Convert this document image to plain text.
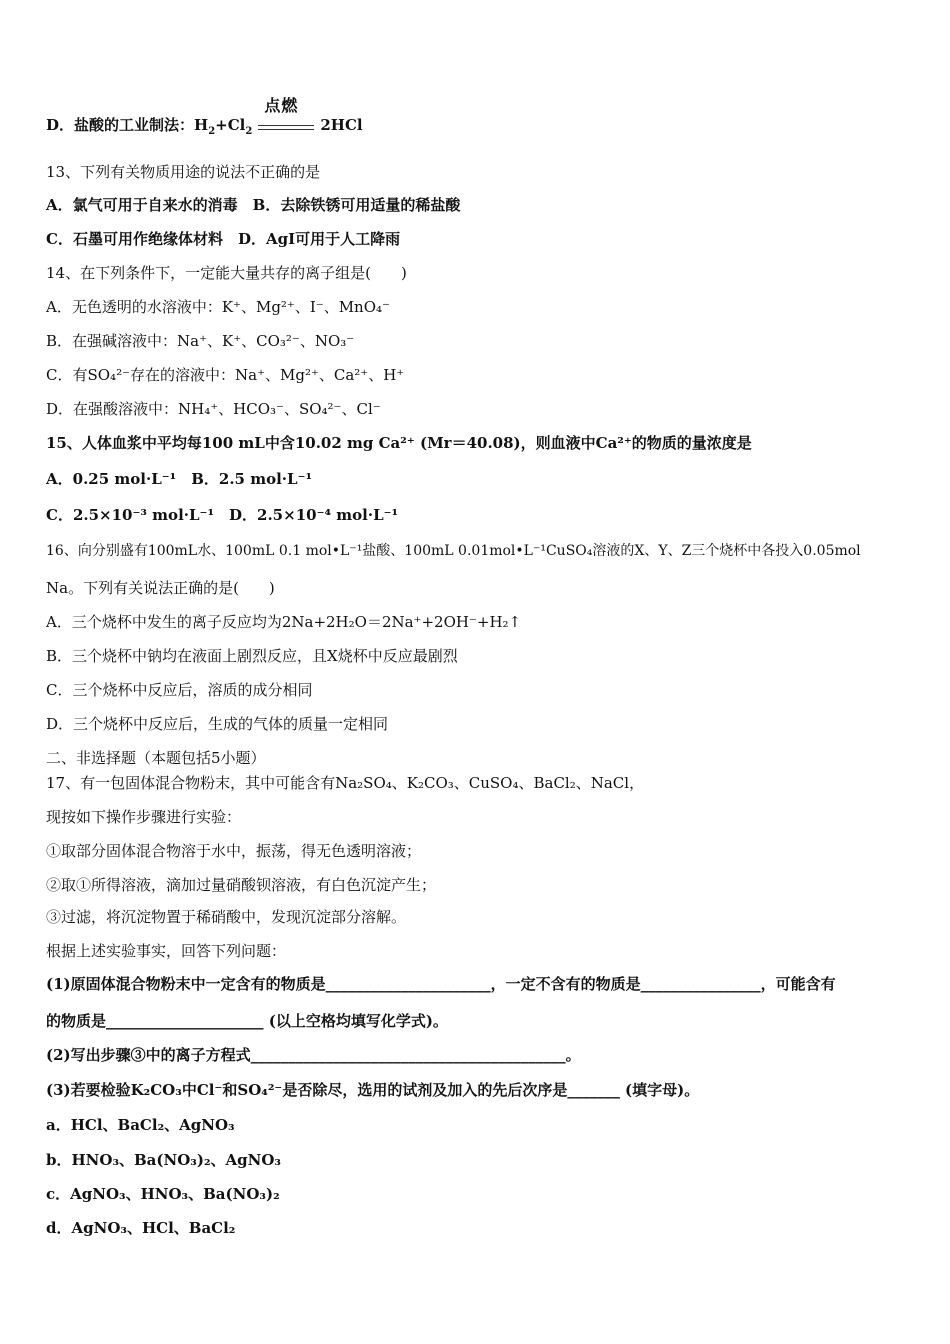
D．盐酸的工业制法：$H_2+Cl_2$
点燃
2HCl
13、下列有关物质用途的说法不正确的是
A．氯气可用于自来水的消毒　B．去除铁锈可用适量的稀盐酸
C．石墨可用作绝缘体材料　D．AgI可用于人工降雨
14、在下列条件下，一定能大量共存的离子组是(　　)
A．无色透明的水溶液中：K⁺、Mg²⁺、I⁻、MnO₄⁻
B．在强碱溶液中：Na⁺、K⁺、CO₃²⁻、NO₃⁻
C．有SO₄²⁻存在的溶液中：Na⁺、Mg²⁺、Ca²⁺、H⁺
D．在强酸溶液中：NH₄⁺、HCO₃⁻、SO₄²⁻、Cl⁻
15、人体血浆中平均每100 mL中含10.02 mg Ca²⁺ (Mr＝40.08)，则血液中Ca²⁺的物质的量浓度是
A．0.25 mol·L⁻¹　B．2.5 mol·L⁻¹
C．2.5×10⁻³ mol·L⁻¹　D．2.5×10⁻⁴ mol·L⁻¹
16、向分别盛有100mL水、100mL 0.1 mol•L⁻¹盐酸、100mL 0.01mol•L⁻¹CuSO₄溶液的X、Y、Z三个烧杯中各投入0.05mol
Na。下列有关说法正确的是(　　)
A．三个烧杯中发生的离子反应均为2Na+2H₂O＝2Na⁺+2OH⁻+H₂↑
B．三个烧杯中钠均在液面上剧烈反应，且X烧杯中反应最剧烈
C．三个烧杯中反应后，溶质的成分相同
D．三个烧杯中反应后，生成的气体的质量一定相同
二、非选择题（本题包括5小题）
17、有一包固体混合物粉末，其中可能含有Na₂SO₄、K₂CO₃、CuSO₄、BaCl₂、NaCl，
现按如下操作步骤进行实验：
①取部分固体混合物溶于水中，振荡，得无色透明溶液；
②取①所得溶液，滴加过量硝酸钡溶液，有白色沉淀产生；
③过滤，将沉淀物置于稀硝酸中，发现沉淀部分溶解。
根据上述实验事实，回答下列问题：
(1)原固体混合物粉末中一定含有的物质是______________________，一定不含有的物质是________________，可能含有
的物质是_____________________ (以上空格均填写化学式)。
(2)写出步骤③中的离子方程式__________________________________________。
(3)若要检验K₂CO₃中Cl⁻和SO₄²⁻是否除尽，选用的试剂及加入的先后次序是_______ (填字母)。
a．HCl、BaCl₂、AgNO₃
b．HNO₃、Ba(NO₃)₂、AgNO₃
c．AgNO₃、HNO₃、Ba(NO₃)₂
d．AgNO₃、HCl、BaCl₂
